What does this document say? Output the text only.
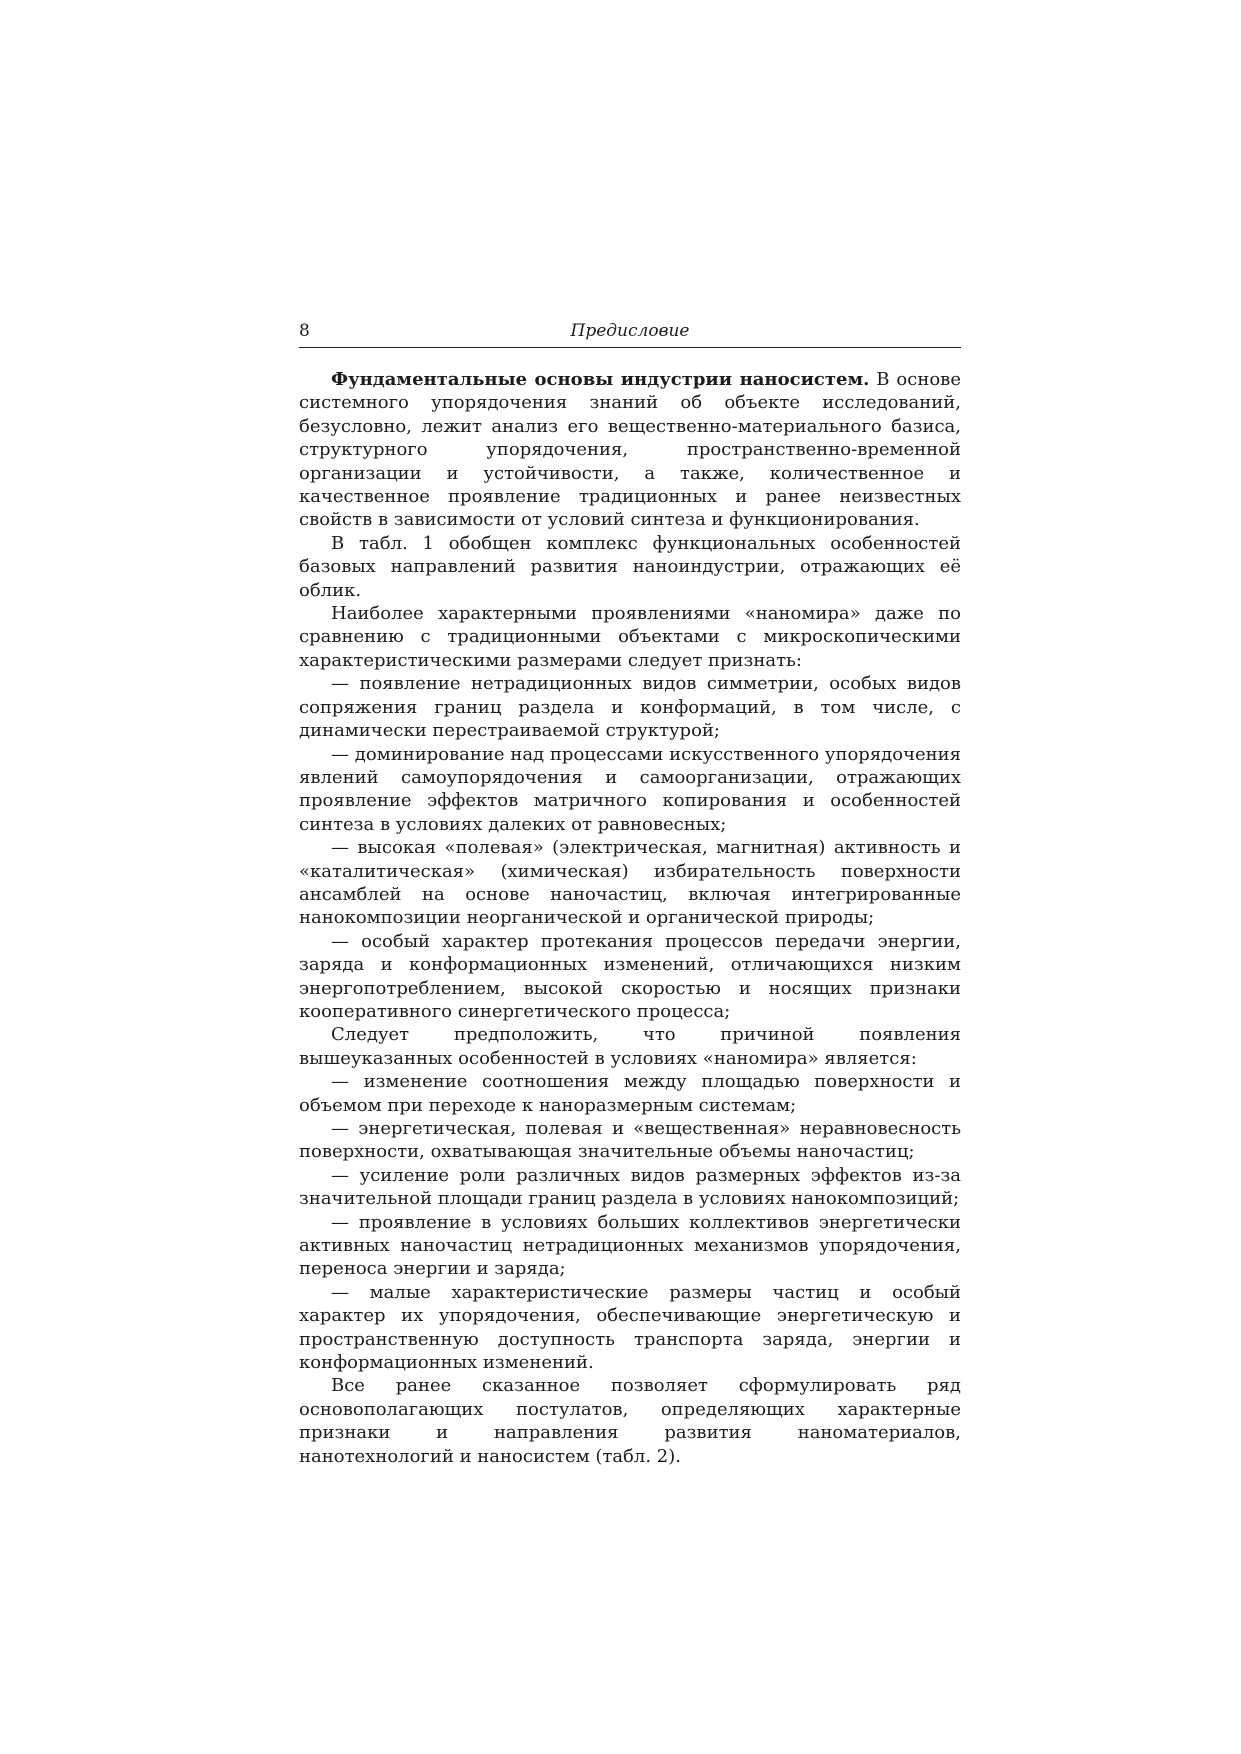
8	Предисловие

Фундаментальные основы индустрии наносистем. В основе системного упорядочения знаний об объекте исследований, безусловно, лежит анализ его вещественно-материального базиса, структурного упорядочения, пространственно-временной организации и устойчивости, а также, количественное и качественное проявление традиционных и ранее неизвестных свойств в зависимости от условий синтеза и функционирования.

В табл. 1 обобщен комплекс функциональных особенностей базовых направлений развития наноиндустрии, отражающих её облик.

Наиболее характерными проявлениями «наномира» даже по сравнению с традиционными объектами с микроскопическими характеристическими размерами следует признать:

— появление нетрадиционных видов симметрии, особых видов сопряжения границ раздела и конформаций, в том числе, с динамически перестраиваемой структурой;

— доминирование над процессами искусственного упорядочения явлений самоупорядочения и самоорганизации, отражающих проявление эффектов матричного копирования и особенностей синтеза в условиях далеких от равновесных;

— высокая «полевая» (электрическая, магнитная) активность и «каталитическая» (химическая) избирательность поверхности ансамблей на основе наночастиц, включая интегрированные нанокомпозиции неорганической и органической природы;

— особый характер протекания процессов передачи энергии, заряда и конформационных изменений, отличающихся низким энергопотреблением, высокой скоростью и носящих признаки кооперативного синергетического процесса;

Следует предположить, что причиной появления вышеуказанных особенностей в условиях «наномира» является:

— изменение соотношения между площадью поверхности и объемом при переходе к наноразмерным системам;

— энергетическая, полевая и «вещественная» неравновесность поверхности, охватывающая значительные объемы наночастиц;

— усиление роли различных видов размерных эффектов из-за значительной площади границ раздела в условиях нанокомпозиций;

— проявление в условиях больших коллективов энергетически активных наночастиц нетрадиционных механизмов упорядочения, переноса энергии и заряда;

— малые характеристические размеры частиц и особый характер их упорядочения, обеспечивающие энергетическую и пространственную доступность транспорта заряда, энергии и конформационных изменений.

Все ранее сказанное позволяет сформулировать ряд основополагающих постулатов, определяющих характерные признаки и направления развития наноматериалов, нанотехнологий и наносистем (табл. 2).
